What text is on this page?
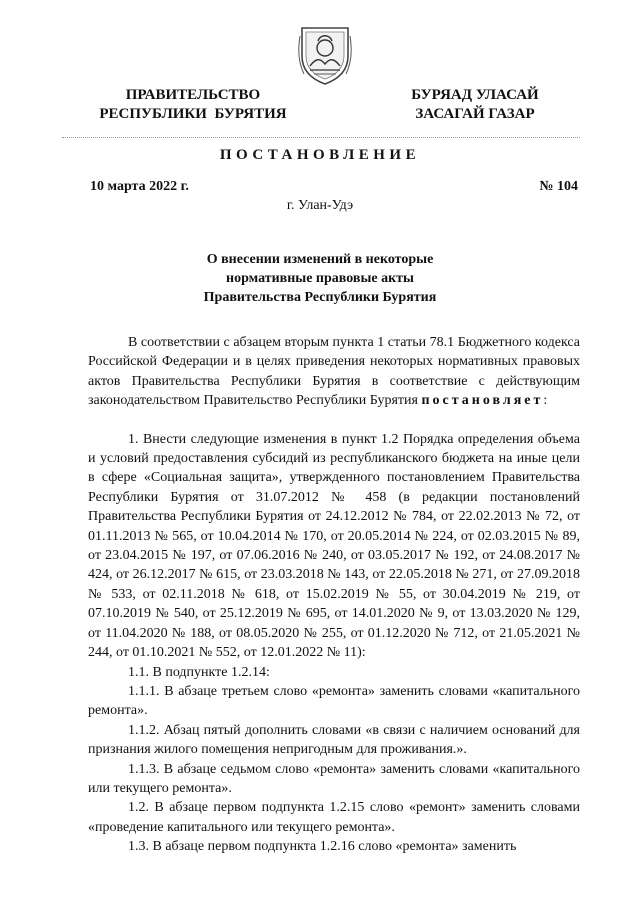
ПРАВИТЕЛЬСТВО
РЕСПУБЛИКИ  БУРЯТИЯ
БУРЯАД УЛАСАЙ
ЗАСАГАЙ ГАЗАР
ПОСТАНОВЛЕНИЕ
10 марта 2022 г.	№ 104
г. Улан-Удэ
О внесении изменений в некоторые
нормативные правовые акты
Правительства Республики Бурятия

В соответствии с абзацем вторым пункта 1 статьи 78.1 Бюджетного кодекса Российской Федерации и в целях приведения некоторых нормативных правовых актов Правительства Республики Бурятия в соответствие с действующим законодательством Правительство Республики Бурятия постановляет:

1. Внести следующие изменения в пункт 1.2 Порядка определения объема и условий предоставления субсидий из республиканского бюджета на иные цели в сфере «Социальная защита», утвержденного постановлением Правительства Республики Бурятия от 31.07.2012 № 458 (в редакции постановлений Правительства Республики Бурятия от 24.12.2012 № 784, от 22.02.2013 № 72, от 01.11.2013 № 565, от 10.04.2014 № 170, от 20.05.2014 № 224, от 02.03.2015 № 89, от 23.04.2015 № 197, от 07.06.2016 № 240, от 03.05.2017 № 192, от 24.08.2017 № 424, от 26.12.2017 № 615, от 23.03.2018 № 143, от 22.05.2018 № 271, от 27.09.2018 № 533, от 02.11.2018 № 618, от 15.02.2019 № 55, от 30.04.2019 № 219, от 07.10.2019 № 540, от 25.12.2019 № 695, от 14.01.2020 № 9, от 13.03.2020 № 129, от 11.04.2020 № 188, от 08.05.2020 № 255, от 01.12.2020 № 712, от 21.05.2021 № 244, от 01.10.2021 № 552, от 12.01.2022 № 11):

1.1. В подпункте 1.2.14:

1.1.1. В абзаце третьем слово «ремонта» заменить словами «капитального ремонта».

1.1.2. Абзац пятый дополнить словами «в связи с наличием оснований для признания жилого помещения непригодным для проживания.».

1.1.3. В абзаце седьмом слово «ремонта» заменить словами «капитального или текущего ремонта».

1.2. В абзаце первом подпункта 1.2.15 слово «ремонт» заменить словами «проведение капитального или текущего ремонта».

1.3. В абзаце первом подпункта 1.2.16 слово «ремонта» заменить
